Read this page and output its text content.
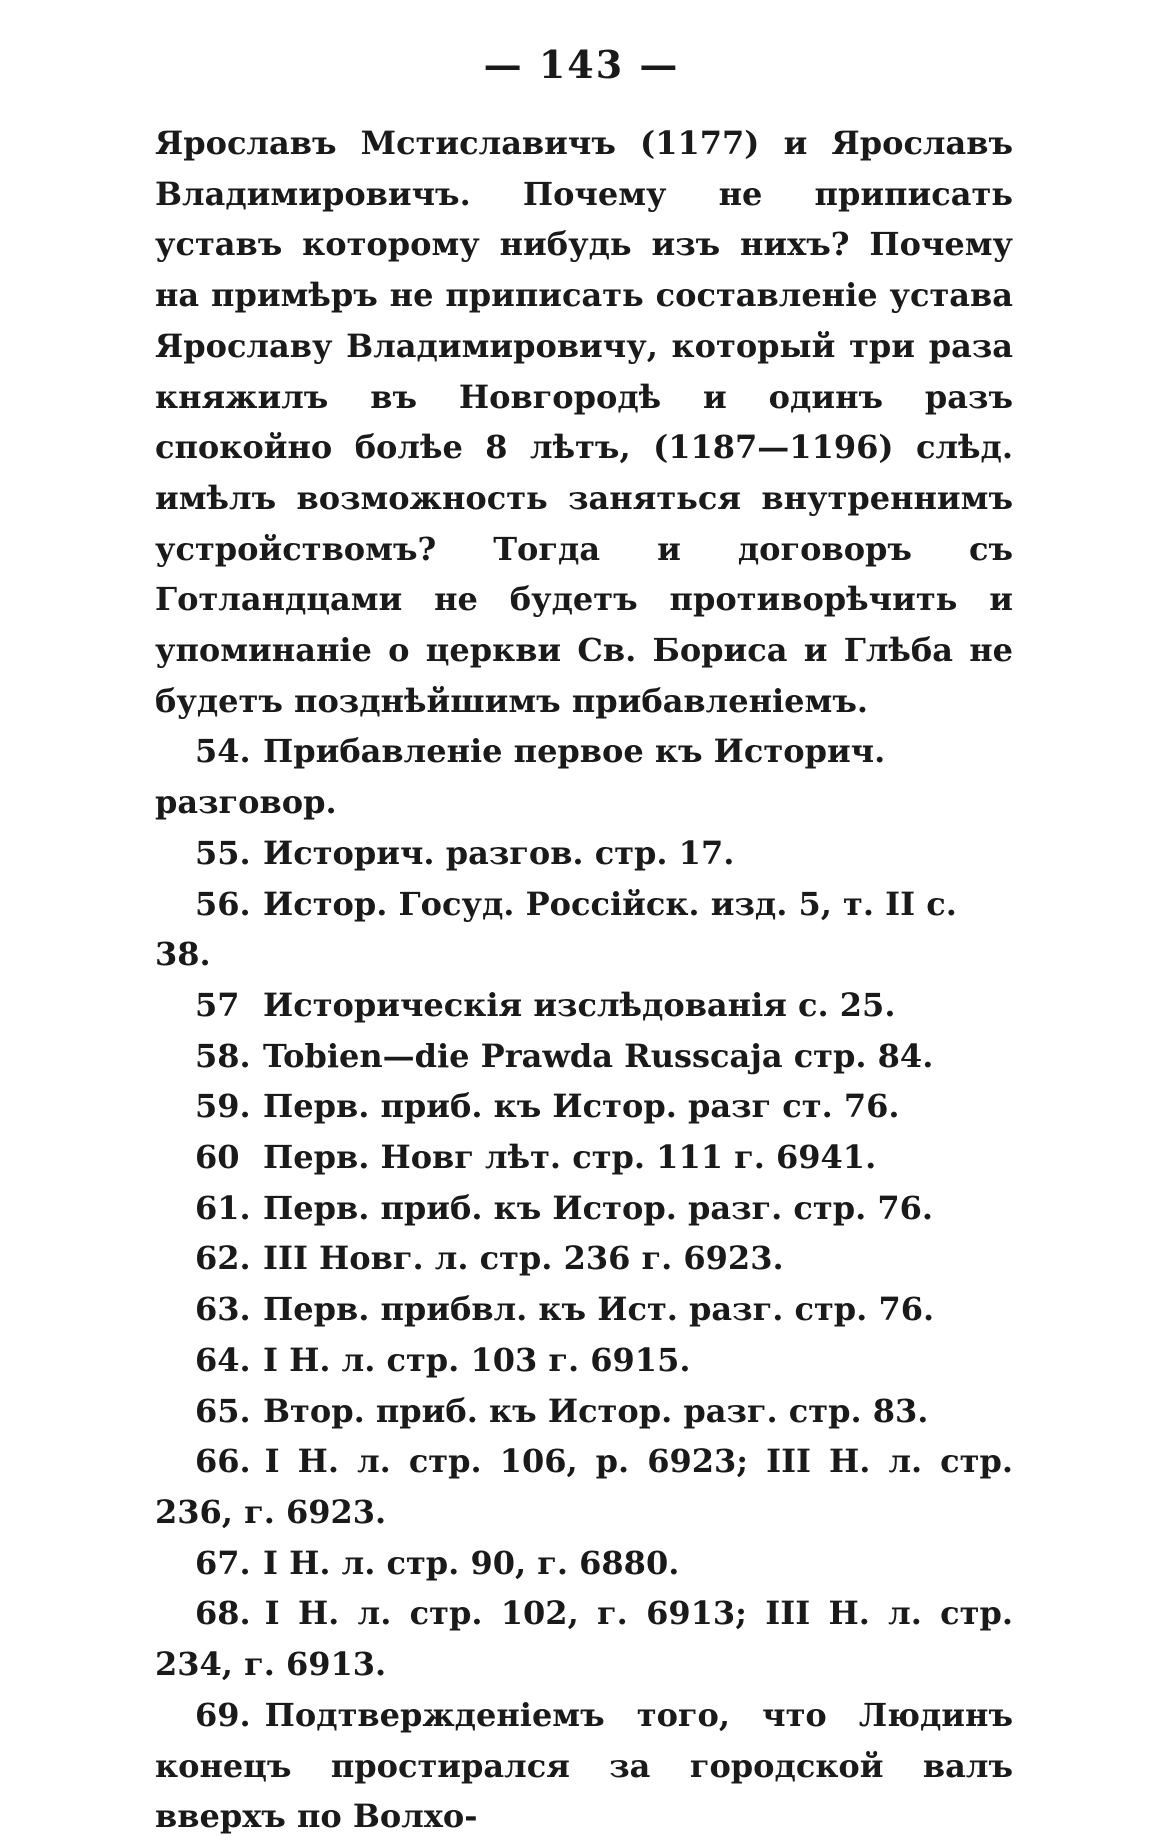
— 143 —

Ярославъ Мстиславичъ (1177) и Ярославъ Владимировичъ. Почему не приписать уставъ которому нибудь изъ нихъ? Почему на примѣръ не приписать составленіе устава Ярославу Владимировичу, который три раза княжилъ въ Новгородѣ и одинъ разъ спокойно болѣе 8 лѣтъ, (1187—1196) слѣд. имѣлъ возможность заняться внутреннимъ устройствомъ? Тогда и договоръ съ Готландцами не будетъ противорѣчить и упоминаніе о церкви Св. Бориса и Глѣба не будетъ позднѣйшимъ прибавленіемъ.

54. Прибавленіе первое къ Историч. разговор.

55. Историч. разгов. стр. 17.

56. Истор. Госуд. Россійск. изд. 5, т. II с. 38.

57 Историческія изслѣдованія с. 25.

58. Tobien—die Prawda Russcaja стр. 84.

59. Перв. приб. къ Истор. разг ст. 76.

60 Перв. Новг лѣт. стр. 111 г. 6941.

61. Перв. приб. къ Истор. разг. стр. 76.

62. III Новг. л. стр. 236 г. 6923.

63. Перв. прибвл. къ Ист. разг. стр. 76.

64. I Н. л. стр. 103 г. 6915.

65. Втор. приб. къ Истор. разг. стр. 83.

66. I Н. л. стр. 106, р. 6923; III Н. л. стр. 236, г. 6923.

67. I Н. л. стр. 90, г. 6880.

68. I Н. л. стр. 102, г. 6913; III Н. л. стр. 234, г. 6913.

69. Подтвержденіемъ того, что Людинъ конецъ простирался за городской валъ вверхъ по Волхо-
